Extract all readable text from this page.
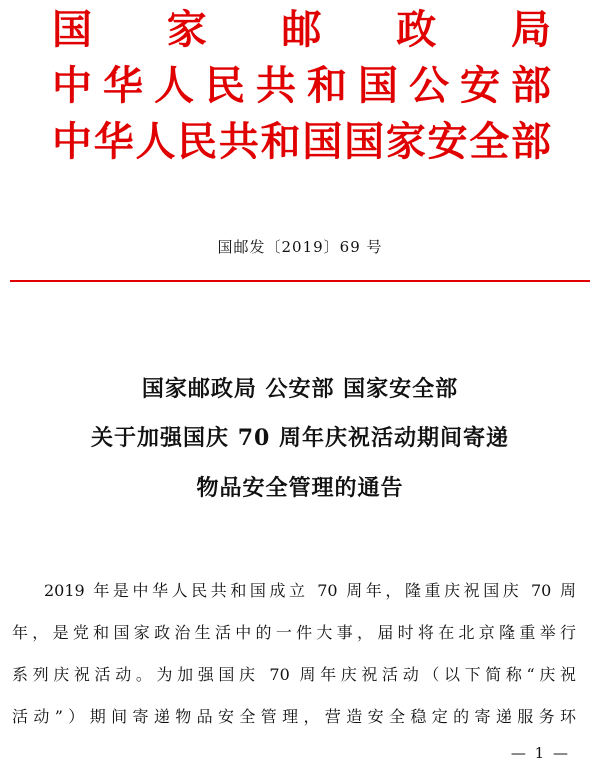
国 家 邮 政 局
中华人民共和国公安部
中华人民共和国国家安全部
国邮发〔2019〕69 号
国家邮政局 公安部 国家安全部
关于加强国庆 70 周年庆祝活动期间寄递
物品安全管理的通告
2019 年是中华人民共和国成立 70 周年，隆重庆祝国庆 70 周
年，是党和国家政治生活中的一件大事，届时将在北京隆重举行
系列庆祝活动。为加强国庆 70 周年庆祝活动（以下简称“庆祝
活动”）期间寄递物品安全管理，营造安全稳定的寄递服务环
— 1 —
